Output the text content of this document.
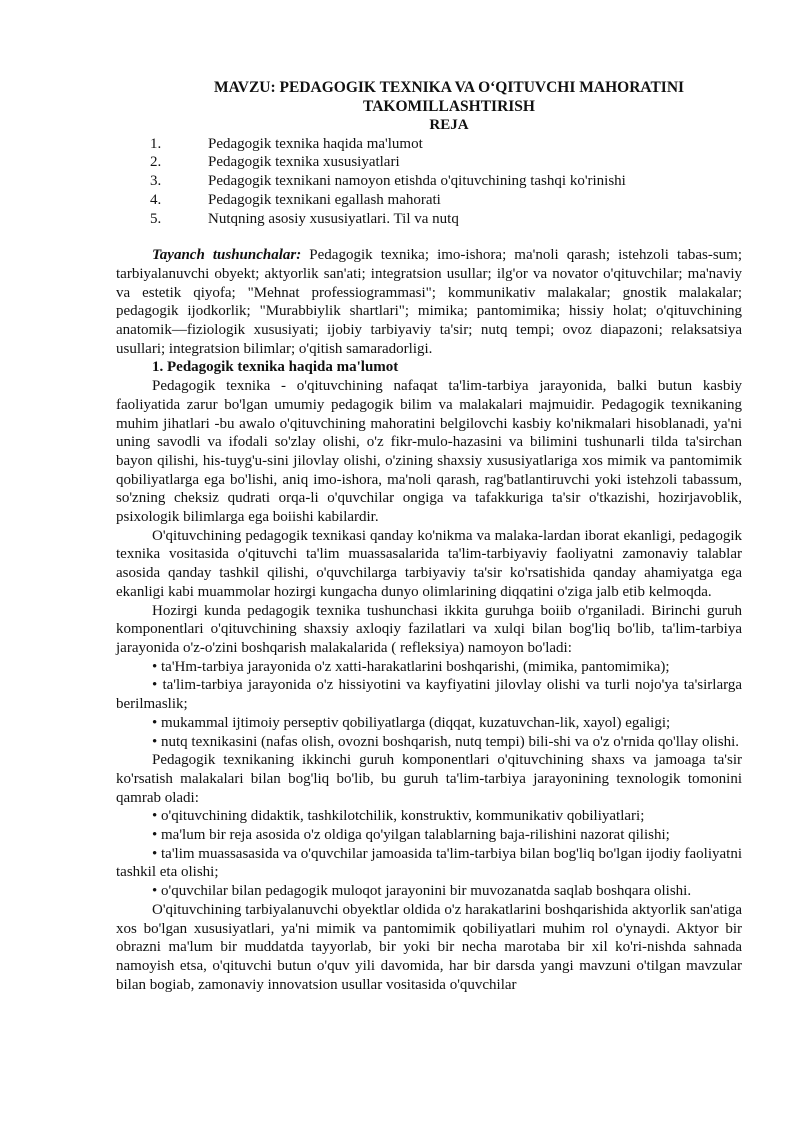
MAVZU: PEDAGOGIK TEXNIKA VA O‘QITUVCHI MAHORATINI
TAKOMILLASHTIRISH
REJA
1.	Pedagogik texnika haqida ma'lumot
2.	Pedagogik texnika xususiyatlari
3.	Pedagogik texnikani namoyon etishda o'qituvchining tashqi ko'rinishi
4.	Pedagogik texnikani egallash mahorati
5.	Nutqning asosiy xususiyatlari. Til va nutq

Tayanch tushunchalar: Pedagogik texnika; imo-ishora; ma'noli qarash; istehzoli tabas-sum; tarbiyalanuvchi obyekt; aktyorlik san'ati; integratsion usullar; ilg'or va novator o'qituvchilar; ma'naviy va estetik qiyofa; "Mehnat professiogrammasi"; kommunikativ malakalar; gnostik malakalar; pedagogik ijodkorlik; "Murabbiylik shartlari"; mimika; pantomimika; hissiy holat; o'qituvchining anatomik—fiziologik xususiyati; ijobiy tarbiyaviy ta'sir; nutq tempi; ovoz diapazoni; relaksatsiya usullari; integratsion bilimlar; o'qitish samaradorligi.

1. Pedagogik texnika haqida ma'lumot

Pedagogik texnika - o'qituvchining nafaqat ta'lim-tarbiya jarayonida, balki butun kasbiy faoliyatida zarur bo'lgan umumiy pedagogik bilim va malakalari majmuidir. Pedagogik texnikaning muhim jihatlari -bu awalo o'qituvchining mahoratini belgilovchi kasbiy ko'nikmalari hisoblanadi, ya'ni uning savodli va ifodali so'zlay olishi, o'z fikr-mulo-hazasini va bilimini tushunarli tilda ta'sirchan bayon qilishi, his-tuyg'u-sini jilovlay olishi, o'zining shaxsiy xususiyatlariga xos mimik va pantomimik qobiliyatlarga ega bo'lishi, aniq imo-ishora, ma'noli qarash, rag'batlantiruvchi yoki istehzoli tabassum, so'zning cheksiz qudrati orqa-li o'quvchilar ongiga va tafakkuriga ta'sir o'tkazishi, hozirjavoblik, psixologik bilimlarga ega boiishi kabilardir.

O'qituvchining pedagogik texnikasi qanday ko'nikma va malaka-lardan iborat ekanligi, pedagogik texnika vositasida o'qituvchi ta'lim muassasalarida ta'lim-tarbiyaviy faoliyatni zamonaviy talablar asosida qanday tashkil qilishi, o'quvchilarga tarbiyaviy ta'sir ko'rsatishida qanday ahamiyatga ega ekanligi kabi muammolar hozirgi kungacha dunyo olimlarining diqqatini o'ziga jalb etib kelmoqda.

Hozirgi kunda pedagogik texnika tushunchasi ikkita guruhga boiib o'rganiladi. Birinchi guruh komponentlari o'qituvchining shaxsiy axloqiy fazilatlari va xulqi bilan bog'liq bo'lib, ta'lim-tarbiya jarayonida o'z-o'zini boshqarish malakalarida ( refleksiya) namoyon bo'ladi:

• ta'Hm-tarbiya jarayonida o'z xatti-harakatlarini boshqarishi, (mimika, pantomimika);
• ta'lim-tarbiya jarayonida o'z hissiyotini va kayfiyatini jilovlay olishi va turli nojo'ya ta'sirlarga berilmaslik;
• mukammal ijtimoiy perseptiv qobiliyatlarga (diqqat, kuzatuvchan-lik, xayol) egaligi;
• nutq texnikasini (nafas olish, ovozni boshqarish, nutq tempi) bili-shi va o'z o'rnida qo'llay olishi.

Pedagogik texnikaning ikkinchi guruh komponentlari o'qituvchining shaxs va jamoaga ta'sir ko'rsatish malakalari bilan bog'liq bo'lib, bu guruh ta'lim-tarbiya jarayonining texnologik tomonini qamrab oladi:

• o'qituvchining didaktik, tashkilotchilik, konstruktiv, kommunikativ qobiliyatlari;
• ma'lum bir reja asosida o'z oldiga qo'yilgan talablarning baja-rilishini nazorat qilishi;
• ta'lim muassasasida va o'quvchilar jamoasida ta'lim-tarbiya bilan bog'liq bo'lgan ijodiy faoliyatni tashkil eta olishi;
• o'quvchilar bilan pedagogik muloqot jarayonini bir muvozanatda saqlab boshqara olishi.

O'qituvchining tarbiyalanuvchi obyektlar oldida o'z harakatlarini boshqarishida aktyorlik san'atiga xos bo'lgan xususiyatlari, ya'ni mimik va pantomimik qobiliyatlari muhim rol o'ynaydi. Aktyor bir obrazni ma'lum bir muddatda tayyorlab, bir yoki bir necha marotaba bir xil ko'ri-nishda sahnada namoyish etsa, o'qituvchi butun o'quv yili davomida, har bir darsda yangi mavzuni o'tilgan mavzular bilan bogiab, zamonaviy innovatsion usullar vositasida o'quvchilar
